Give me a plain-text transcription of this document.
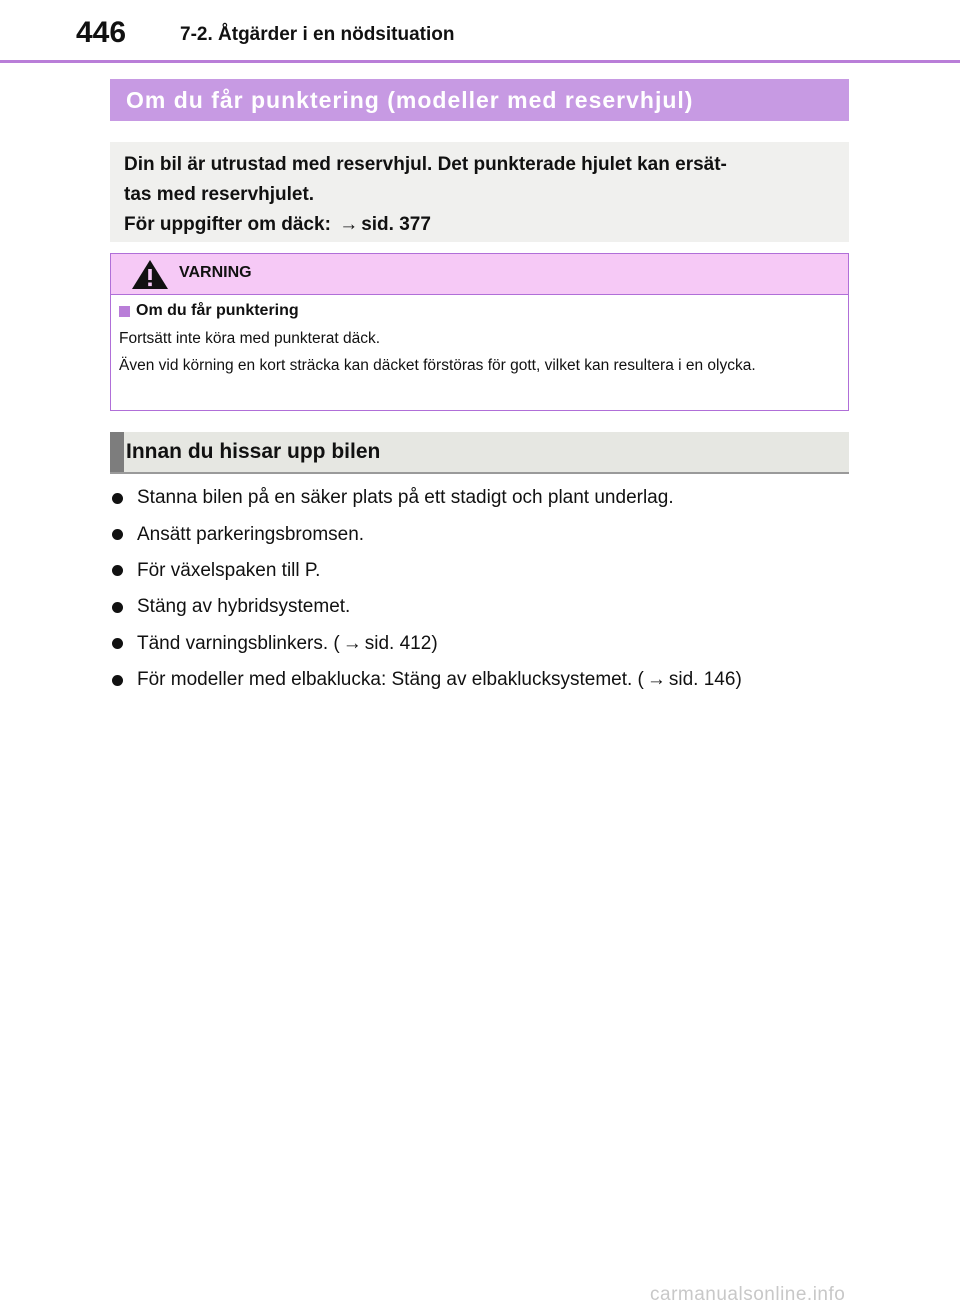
446	7-2. Åtgärder i en nödsituation
Om du får punktering (modeller med reservhjul)
Din bil är utrustad med reservhjul. Det punkterade hjulet kan ersät-
tas med reservhjulet.
För uppgifter om däck: → sid. 377
VARNING
Om du får punktering
Fortsätt inte köra med punkterat däck.
Även vid körning en kort sträcka kan däcket förstöras för gott, vilket kan resultera i en olycka.
Innan du hissar upp bilen
Stanna bilen på en säker plats på ett stadigt och plant underlag.
Ansätt parkeringsbromsen.
För växelspaken till P.
Stäng av hybridsystemet.
Tänd varningsblinkers. ( → sid. 412)
För modeller med elbaklucka: Stäng av elbaklucksystemet. ( → sid. 146)
carmanualsonline.info
